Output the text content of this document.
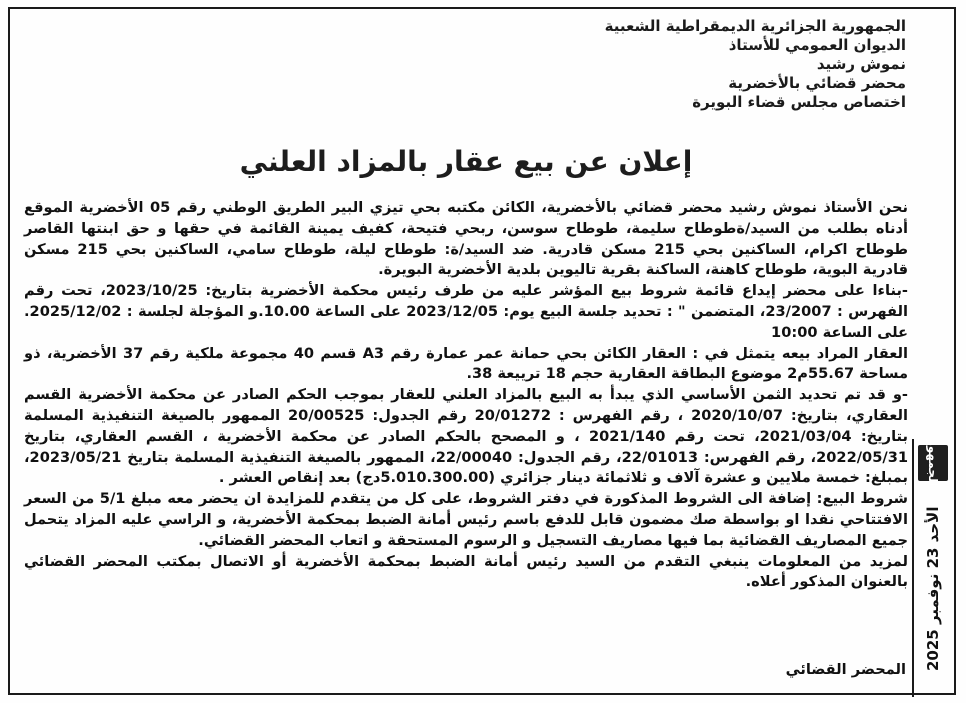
الجمهورية الجزائرية الديمقراطية الشعبية
الديوان العمومي للأستاذ
نموش رشيد
محضر قضائي بالأخضرية
اختصاص مجلس قضاء البويرة
إعلان عن بيع عقار بالمزاد العلني

نحن الأستاذ نموش رشيد محضر قضائي بالأخضرية، الكائن مكتبه بحي تيزي البير الطريق الوطني رقم 05 الأخضرية الموقع أدناه بطلب من السيد/ةطوطاح سليمة، طوطاح سوسن، ربحي فتيحة، كفيف يمينة القائمة في حقها و حق ابنتها القاصر طوطاح اكرام، الساكنين بحي 215 مسكن قادرية. ضد السيد/ة: طوطاح ليلة، طوطاح سامي، الساكنين بحي 215 مسكن قادرية البوية، طوطاح كاهنة، الساكنة بقرية تاليوين بلدية الأخضرية البويرة.

-بناءا على محضر إيداع قائمة شروط بيع المؤشر عليه من طرف رئيس محكمة الأخضرية بتاريخ: 2023/10/25، تحت رقم الفهرس : 23/2007، المتضمن " : تحديد جلسة البيع يوم: 2023/12/05 على الساعة 10.00.و المؤجلة لجلسة : 2025/12/02. على الساعة 10:00

العقار المراد بيعه يتمثل في : العقار الكائن بحي حمانة عمر عمارة رقم A3 قسم 40 مجموعة ملكية رقم 37 الأخضرية، ذو مساحة 55.67م2 موضوع البطاقة العقارية حجم 18 ترييعة 38.

-و قد تم تحديد الثمن الأساسي الذي يبدأ به البيع بالمزاد العلني للعقار بموجب الحكم الصادر عن محكمة الأخضرية القسم العقاري، بتاريخ: 2020/10/07 ، رقم الفهرس : 20/01272 رقم الجدول: 20/00525 الممهور بالصيغة التنفيذية المسلمة بتاريخ: 2021/03/04، تحت رقم 2021/140 ، و المصحح بالحكم الصادر عن محكمة الأخضرية ، القسم العقاري، بتاريخ 2022/05/31، رقم الفهرس: 22/01013، رقم الجدول: 22/00040، الممهور بالصيغة التنفيذية المسلمة بتاريخ 2023/05/21، بمبلغ: خمسة ملايين و عشرة آلاف و ثلاثمائة دينار جزائري (5.010.300.00دج) بعد إنقاص العشر .

شروط البيع: إضافة الى الشروط المذكورة في دفتر الشروط، على كل من يتقدم للمزايدة ان يحضر معه مبلغ 5/1 من السعر الافتتاحي نقدا او بواسطة صك مضمون قابل للدفع باسم رئيس أمانة الضبط بمحكمة الأخضرية، و الراسي عليه المزاد يتحمل جميع المصاريف القضائية بما فيها مصاريف التسجيل و الرسوم المستحقة و اتعاب المحضر القضائي.

لمزيد من المعلومات ينبغي التقدم من السيد رئيس أمانة الضبط بمحكمة الأخضرية أو الاتصال بمكتب المحضر القضائي بالعنوان المذكور أعلاه.

المحضر القضائي
الجمهور
الأحد 23 نوفمبر 2025
